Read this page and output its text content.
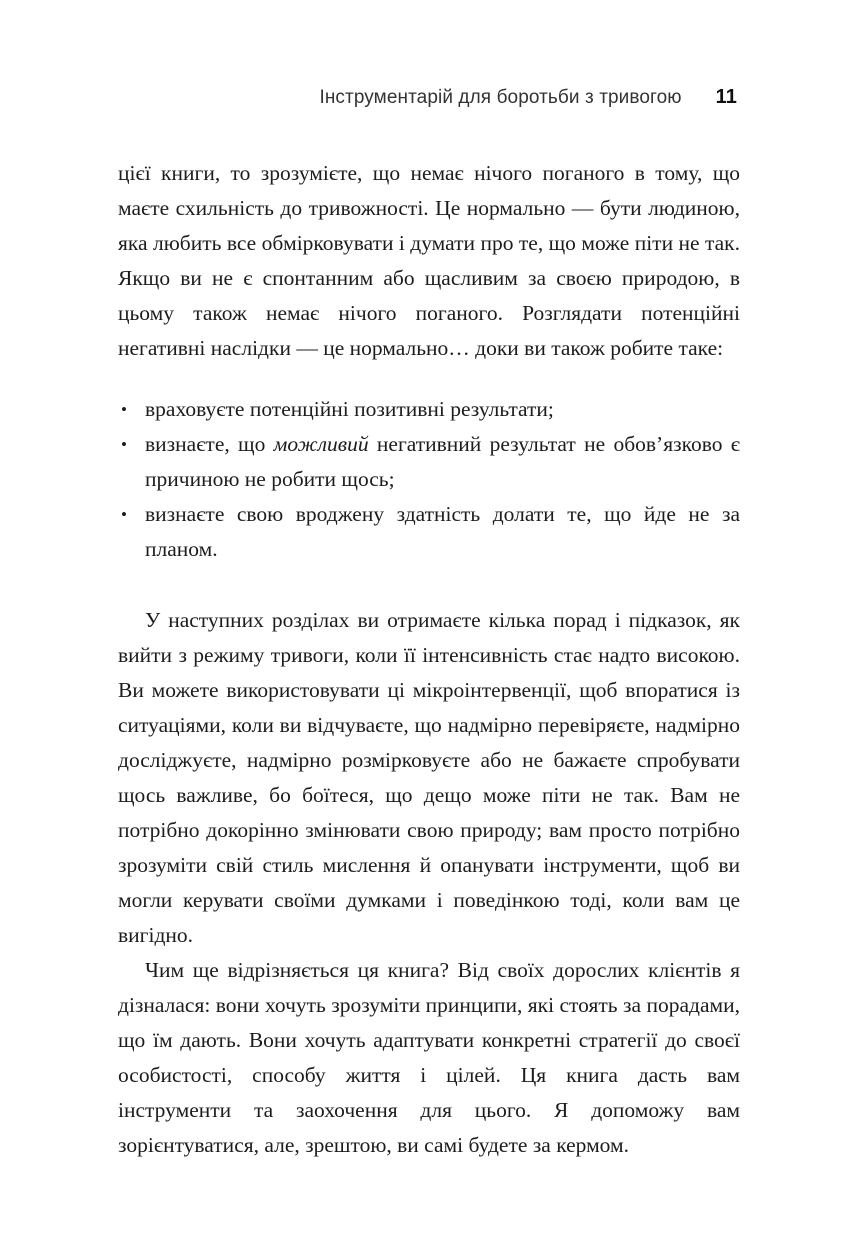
Інструментарій для боротьби з тривогою 11

цієї книги, то зрозумієте, що немає нічого поганого в тому, що маєте схильність до тривожності. Це нормально — бути людиною, яка любить все обмірковувати і думати про те, що може піти не так. Якщо ви не є спонтанним або щасливим за своєю природою, в цьому також немає нічого поганого. Розглядати потенційні негативні наслідки — це нормально… доки ви також робите таке:

• враховуєте потенційні позитивні результати;
• визнаєте, що можливий негативний результат не обов’язково є причиною не робити щось;
• визнаєте свою вроджену здатність долати те, що йде не за планом.

У наступних розділах ви отримаєте кілька порад і підказок, як вийти з режиму тривоги, коли її інтенсивність стає надто високою. Ви можете використовувати ці мікроінтервенції, щоб впоратися із ситуаціями, коли ви відчуваєте, що надмірно перевіряєте, надмірно досліджуєте, надмірно розмірковуєте або не бажаєте спробувати щось важливе, бо боїтеся, що дещо може піти не так. Вам не потрібно докорінно змінювати свою природу; вам просто потрібно зрозуміти свій стиль мислення й опанувати інструменти, щоб ви могли керувати своїми думками і поведінкою тоді, коли вам це вигідно.

Чим ще відрізняється ця книга? Від своїх дорослих клієнтів я дізналася: вони хочуть зрозуміти принципи, які стоять за порадами, що їм дають. Вони хочуть адаптувати конкретні стратегії до своєї особистості, способу життя і цілей. Ця книга дасть вам інструменти та заохочення для цього. Я допоможу вам зорієнтуватися, але, зрештою, ви самі будете за кермом.
